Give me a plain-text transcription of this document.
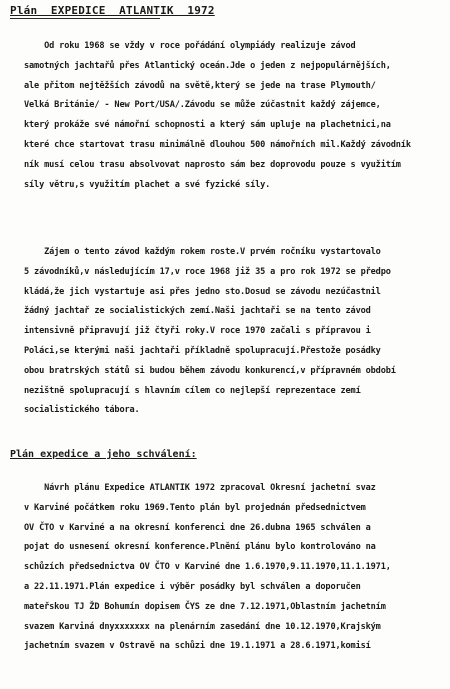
Plán  EXPEDICE  ATLANTIK  1972
Od roku 1968 se vždy v roce pořádání olympiády realizuje závod
samotných jachtařů přes Atlantický oceán.Jde o jeden z nejpopulárnějších,
ale přitom nejtěžších závodů na světě,který se jede na trase Plymouth/
Velká Británie/ - New Port/USA/.Závodu se může zúčastnit každý zájemce,
který prokáže své námořní schopnosti a který sám upluje na plachetnici,na
které chce startovat trasu minimálně dlouhou 500 námořních mil.Každý závodník
ník musí celou trasu absolvovat naprosto sám bez doprovodu pouze s využitím
síly větru,s využitím plachet a své fyzické síly.
Zájem o tento závod každým rokem roste.V prvém ročníku vystartovalo
5 závodníků,v následujícím 17,v roce 1968 již 35 a pro rok 1972 se předpo
kládá,že jich vystartuje asi přes jedno sto.Dosud se závodu nezúčastnil
žádný jachtař ze socialistických zemí.Naši jachtaři se na tento závod
intensivně připravují již čtyři roky.V roce 1970 začali s přípravou i
Poláci,se kterými naši jachtaři příkladně spolupracují.Přestože posádky
obou bratrských států si budou během závodu konkurencí,v přípravném období
nezištně spolupracují s hlavním cílem co nejlepší reprezentace zemí
socialistického tábora.
Plán expedice a jeho schválení:
Návrh plánu Expedice ATLANTIK 1972 zpracoval Okresní jachetní svaz
v Karviné počátkem roku 1969.Tento plán byl projednán předsednictvem
OV ČTO v Karviné a na okresní konferenci dne 26.dubna 1965 schválen a
pojat do usnesení okresní konference.Plnění plánu bylo kontrolováno na
schůzích předsednictva OV ČTO v Karviné dne 1.6.1970,9.11.1970,11.1.1971,
a 22.11.1971.Plán expedice i výběr posádky byl schválen a doporučen
mateřskou TJ ŽD Bohumín dopisem ČYS ze dne 7.12.1971,Oblastním jachetním
svazem Karviná dnyxxxxxxx na plenárním zasedání dne 10.12.1970,Krajským
jachetním svazem v Ostravě na schůzi dne 19.1.1971 a 28.6.1971,komisí
